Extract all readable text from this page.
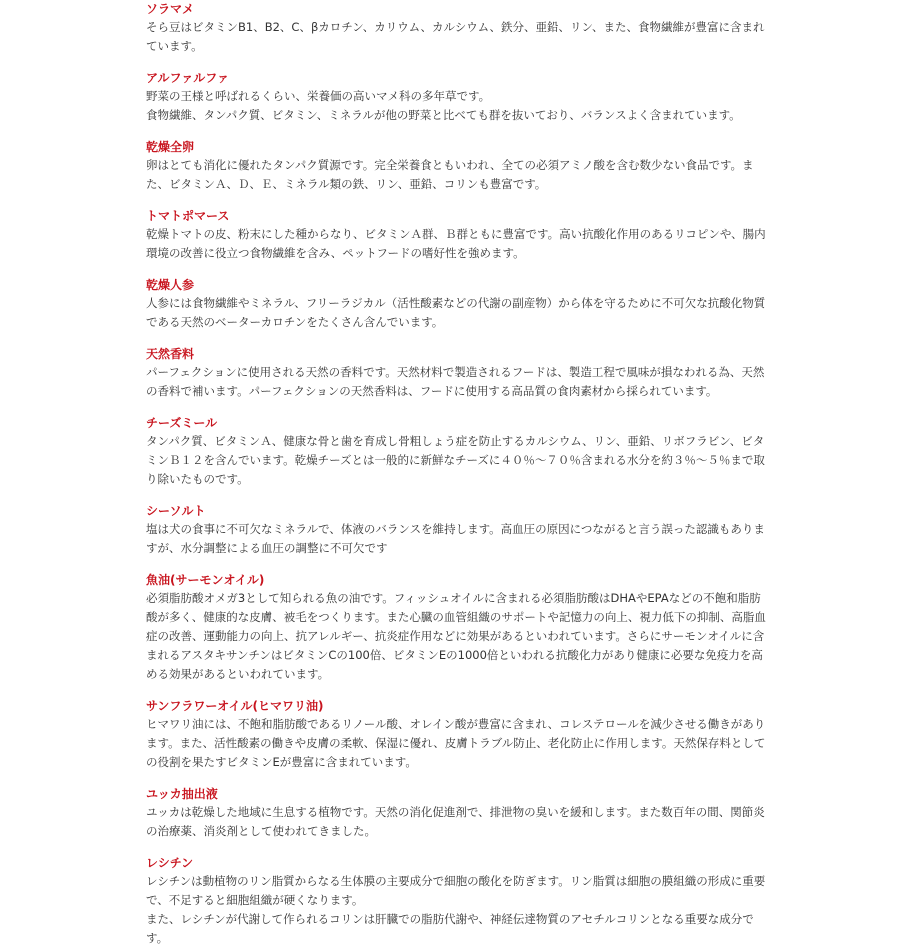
ソラマメ

そら豆はビタミンB1、B2、C、βカロチン、カリウム、カルシウム、鉄分、亜鉛、リン、また、食物繊維が豊富に含まれています。

アルファルファ

野菜の王様と呼ばれるくらい、栄養価の高いマメ科の多年草です。

食物繊維、タンパク質、ビタミン、ミネラルが他の野菜と比べても群を抜いており、バランスよく含まれています。

乾燥全卵

卵はとても消化に優れたタンパク質源です。完全栄養食ともいわれ、全ての必須アミノ酸を含む数少ない食品です。また、ビタミンＡ、Ｄ、Ｅ、ミネラル類の鉄、リン、亜鉛、コリンも豊富です。

トマトポマース

乾燥トマトの皮、粉末にした種からなり、ビタミンＡ群、Ｂ群ともに豊富です。高い抗酸化作用のあるリコピンや、腸内環境の改善に役立つ食物繊維を含み、ペットフードの嗜好性を強めます。

乾燥人参

人参には食物繊維やミネラル、フリーラジカル（活性酸素などの代謝の副産物）から体を守るために不可欠な抗酸化物質である天然のベーターカロチンをたくさん含んでいます。

天然香料

パーフェクションに使用される天然の香料です。天然材料で製造されるフードは、製造工程で風味が損なわれる為、天然の香料で補います。パーフェクションの天然香料は、フードに使用する高品質の食肉素材から採られています。

チーズミール

タンパク質、ビタミンＡ、健康な骨と歯を育成し骨粗しょう症を防止するカルシウム、リン、亜鉛、リボフラビン、ビタミンＢ１２を含んでいます。乾燥チーズとは一般的に新鮮なチーズに４０％～７０％含まれる水分を約３％～５％まで取り除いたものです。

シーソルト

塩は犬の食事に不可欠なミネラルで、体液のバランスを維持します。高血圧の原因につながると言う誤った認識もありますが、水分調整による血圧の調整に不可欠です

魚油(サーモンオイル)

必須脂肪酸オメガ3として知られる魚の油です。フィッシュオイルに含まれる必須脂肪酸はDHAやEPAなどの不飽和脂肪酸が多く、健康的な皮膚、被毛をつくります。また心臓の血管組織のサポートや記憶力の向上、視力低下の抑制、高脂血症の改善、運動能力の向上、抗アレルギー、抗炎症作用などに効果があるといわれています。さらにサーモンオイルに含まれるアスタキサンチンはビタミンCの100倍、ビタミンEの1000倍といわれる抗酸化力があり健康に必要な免疫力を高める効果があるといわれています。

サンフラワーオイル(ヒマワリ油)

ヒマワリ油には、不飽和脂肪酸であるリノール酸、オレイン酸が豊富に含まれ、コレステロールを減少させる働きがあります。また、活性酸素の働きや皮膚の柔軟、保湿に優れ、皮膚トラブル防止、老化防止に作用します。天然保存料としての役割を果たすビタミンEが豊富に含まれています。

ユッカ抽出液

ユッカは乾燥した地域に生息する植物です。天然の消化促進剤で、排泄物の臭いを緩和します。また数百年の間、関節炎の治療薬、消炎剤として使われてきました。

レシチン

レシチンは動植物のリン脂質からなる生体膜の主要成分で細胞の酸化を防ぎます。リン脂質は細胞の膜組織の形成に重要で、不足すると細胞組織が硬くなります。

また、レシチンが代謝して作られるコリンは肝臓での脂肪代謝や、神経伝達物質のアセチルコリンとなる重要な成分です。
